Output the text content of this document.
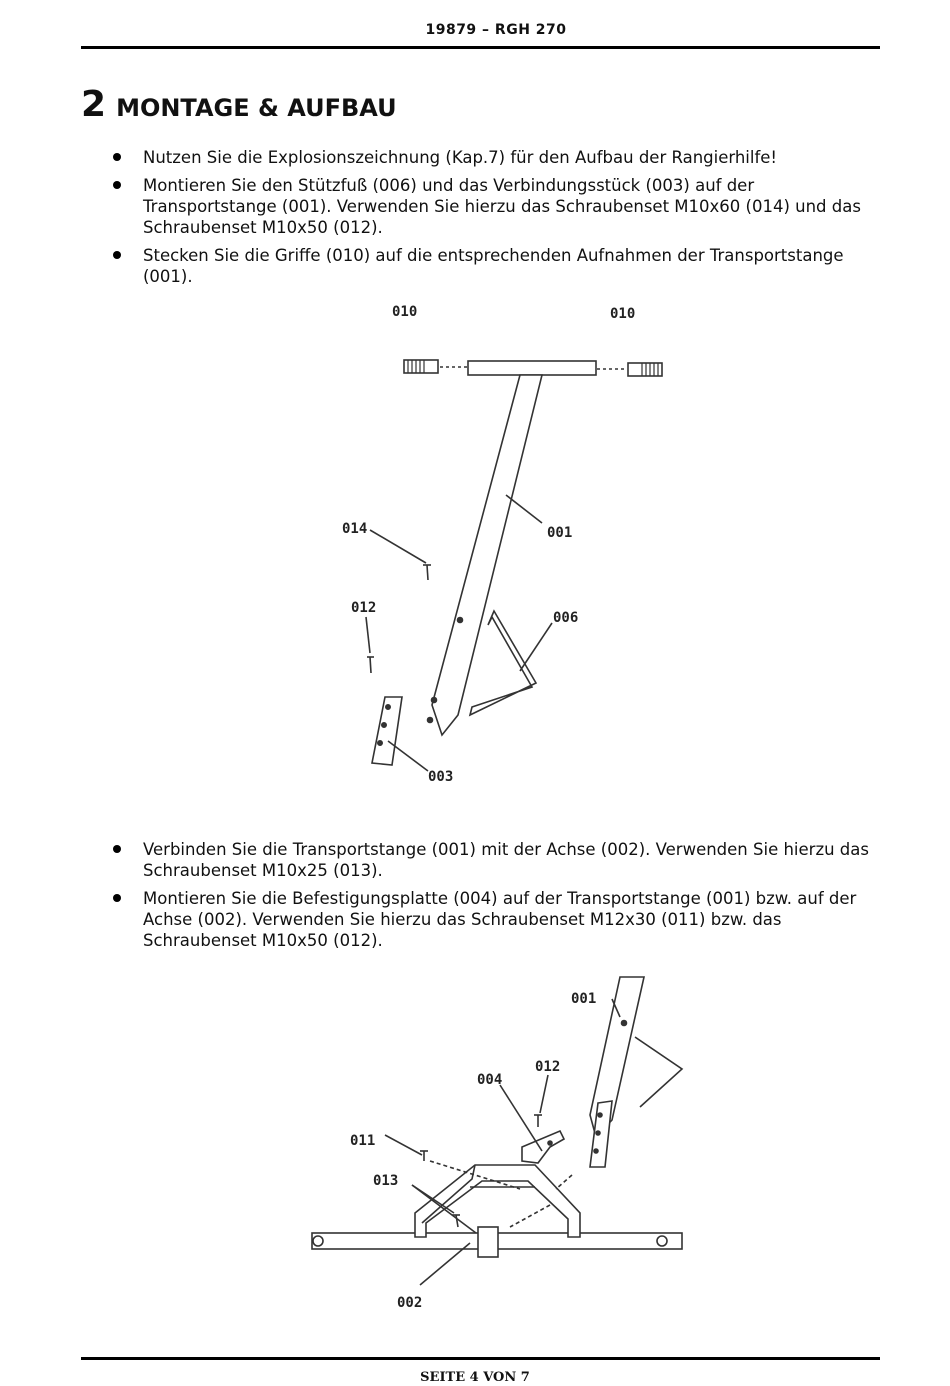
19879 – RGH 270
2 MONTAGE & AUFBAU
Nutzen Sie die Explosionszeichnung (Kap.7) für den Aufbau der Rangierhilfe!
Montieren Sie den Stützfuß (006) und das Verbindungsstück (003) auf der Transportstange (001). Verwenden Sie hierzu das Schraubenset M10x60 (014) und das Schraubenset M10x50 (012).
Stecken Sie die Griffe (010) auf die entsprechenden Aufnahmen der Transportstange (001).
010	010
001
014
012
006
003
Verbinden Sie die Transportstange (001) mit der Achse (002). Verwenden Sie hierzu das Schraubenset M10x25 (013).
Montieren Sie die Befestigungsplatte (004) auf der Transportstange (001) bzw. auf der Achse (002). Verwenden Sie hierzu das Schraubenset M12x30 (011) bzw. das Schraubenset M10x50 (012).
001
004
012
011
013
002
SEITE 4 VON 7
